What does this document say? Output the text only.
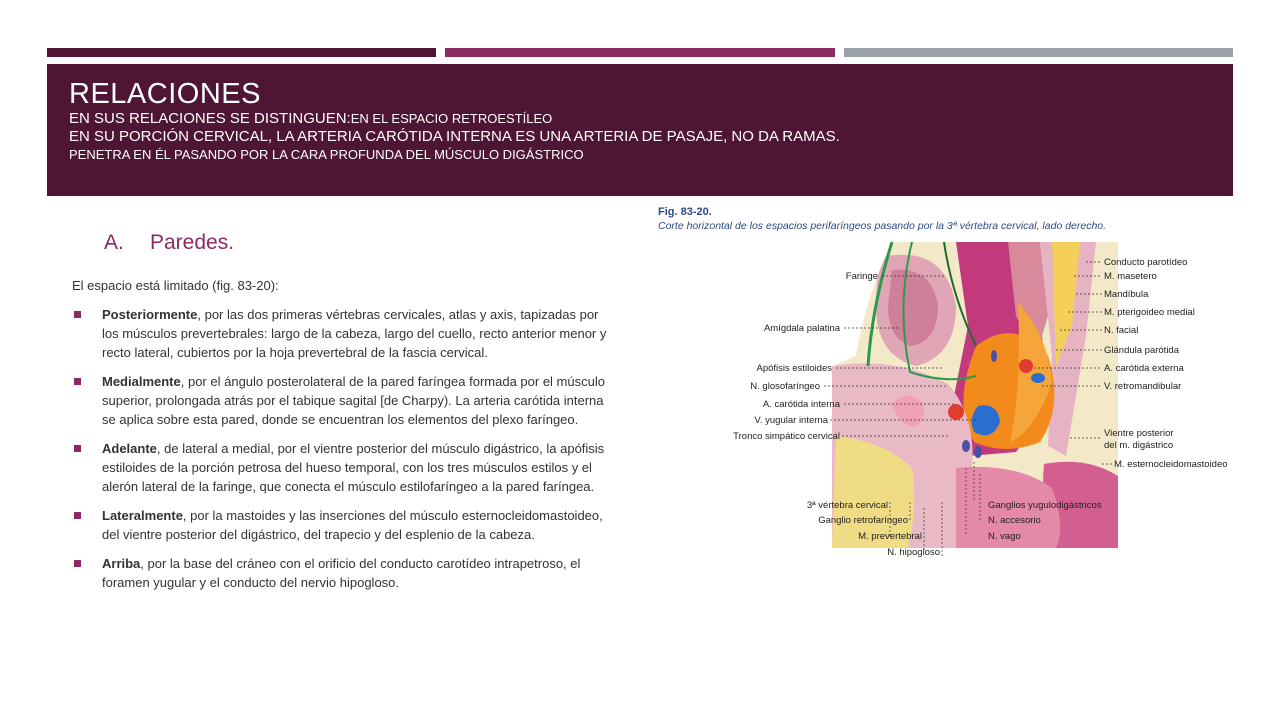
RELACIONES
EN SUS RELACIONES SE DISTINGUEN:EN EL ESPACIO RETROESTÍLEO
EN SU PORCIÓN CERVICAL, LA ARTERIA CARÓTIDA INTERNA ES UNA ARTERIA DE PASAJE, NO DA RAMAS.
PENETRA EN ÉL PASANDO POR LA CARA PROFUNDA DEL MÚSCULO DIGÁSTRICO
A. Paredes.

El espacio está limitado (fig. 83-20):

Posteriormente, por las dos primeras vértebras cervicales, atlas y axis, tapizadas por los músculos prevertebrales: largo de la cabeza, largo del cuello, recto anterior menor y recto lateral, cubiertos por la hoja prevertebral de la fascia cervical.
Medialmente, por el ángulo posterolateral de la pared faríngea formada por el músculo superior, prolongada atrás por el tabique sagital [de Charpy). La arteria carótida interna se aplica sobre esta pared, donde se encuentran los elementos del plexo faríngeo.
Adelante, de lateral a medial, por el vientre posterior del músculo digástrico, la apófisis estiloides de la porción petrosa del hueso temporal, con los tres músculos estilos y el alerón lateral de la faringe, que conecta el músculo estilofaríngeo a la pared faríngea.
Lateralmente, por la mastoides y las inserciones del músculo esternocleidomastoideo, del vientre posterior del digástrico, del trapecio y del esplenio de la cabeza.
Arriba, por la base del cráneo con el orificio del conducto carotídeo intrapetroso, el foramen yugular y el conducto del nervio hipogloso.
Faringe
Amígdala palatina
Apófisis estiloides
N. glosofaríngeo
A. carótida interna
V. yugular interna
Tronco simpático cervical
Conducto parotídeo
M. masetero
Mandíbula
M. pterigoideo medial
N. facial
Glándula parótida
A. carótida externa
V. retromandibular
Vientre posterior
del m. digástrico
M. esternocleidomastoideo
3ª vértebra cervical
Ganglio retrofaríngeo
M. prevertebral
N. hipogloso
Ganglios yugulodigástricos
N. accesorio
N. vago
Fig. 83-20.
Corte horizontal de los espacios perifaríngeos pasando por la 3ª vértebra cervical, lado derecho.
